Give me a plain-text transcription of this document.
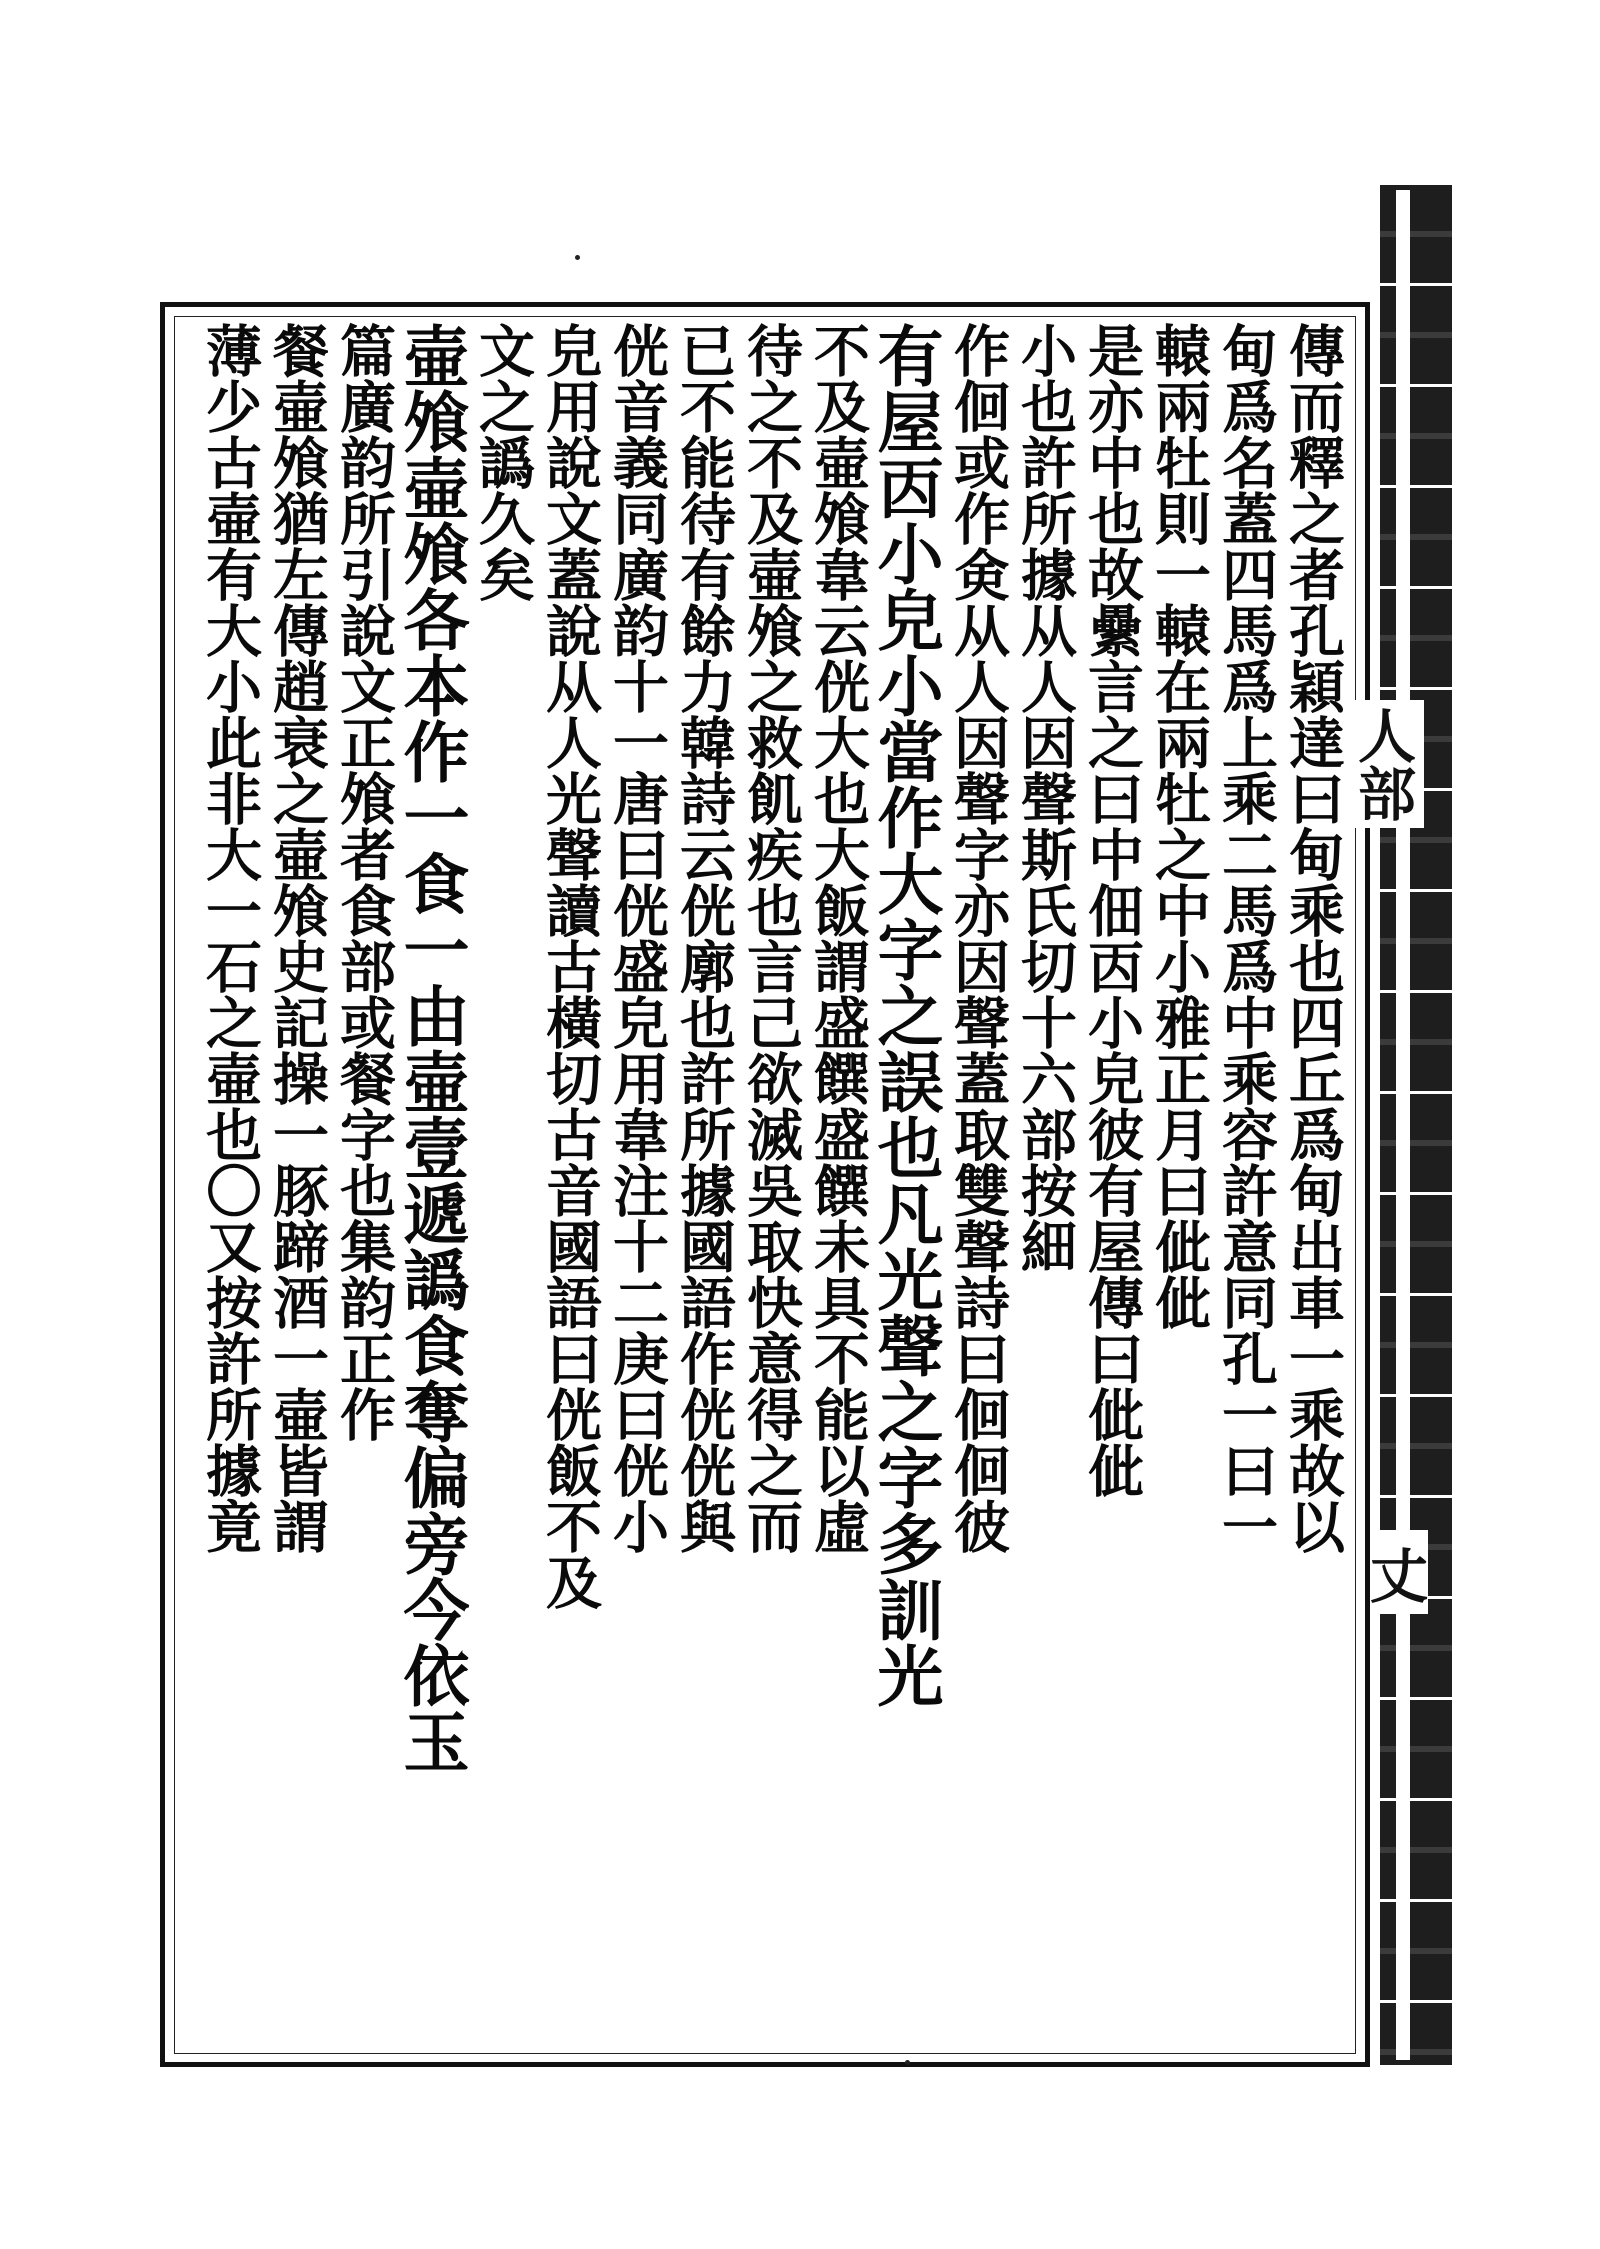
人部
丈
傳而釋之者孔穎達曰甸乘也四丘爲甸出車一乘故以
甸爲名蓋四馬爲上乘二馬爲中乘容許意同孔一曰一
轅兩牡則一轅在兩牡之中小雅正月曰佌佌
是亦中也故纍言之曰中佃㐁小皃彼有屋傳曰佌佌
小也許所據从人因聲斯氏切十六部按細
作佪或作㑒从人因聲字亦因聲蓋取雙聲詩曰佪佪彼
有屋㐁小皃小當作大字之誤也凡光聲之字多訓光
不及壷飧韋云侊大也大飯謂盛饌盛饌未具不能以虛
待之不及壷飧之救飢疾也言己欲滅吳取快意得之而
已不能待有餘力韓詩云侊廓也許所據國語作侊侊與
侊音義同廣韵十一唐曰侊盛皃用韋注十二庚曰侊小
皃用說文蓋說从人光聲讀古橫切古音國語曰侊飯不及
文之譌久矣
壷飧壷飧各本作一食一由壷壹遞譌食奪偏旁今依玉
篇廣韵所引說文正飧者食部或餐字也集韵正作
餐壷飧猶左傳趙衰之壷飧史記操一豚蹄酒一壷皆謂
薄少古壷有大小此非大一石之壷也〇又按許所據竟
